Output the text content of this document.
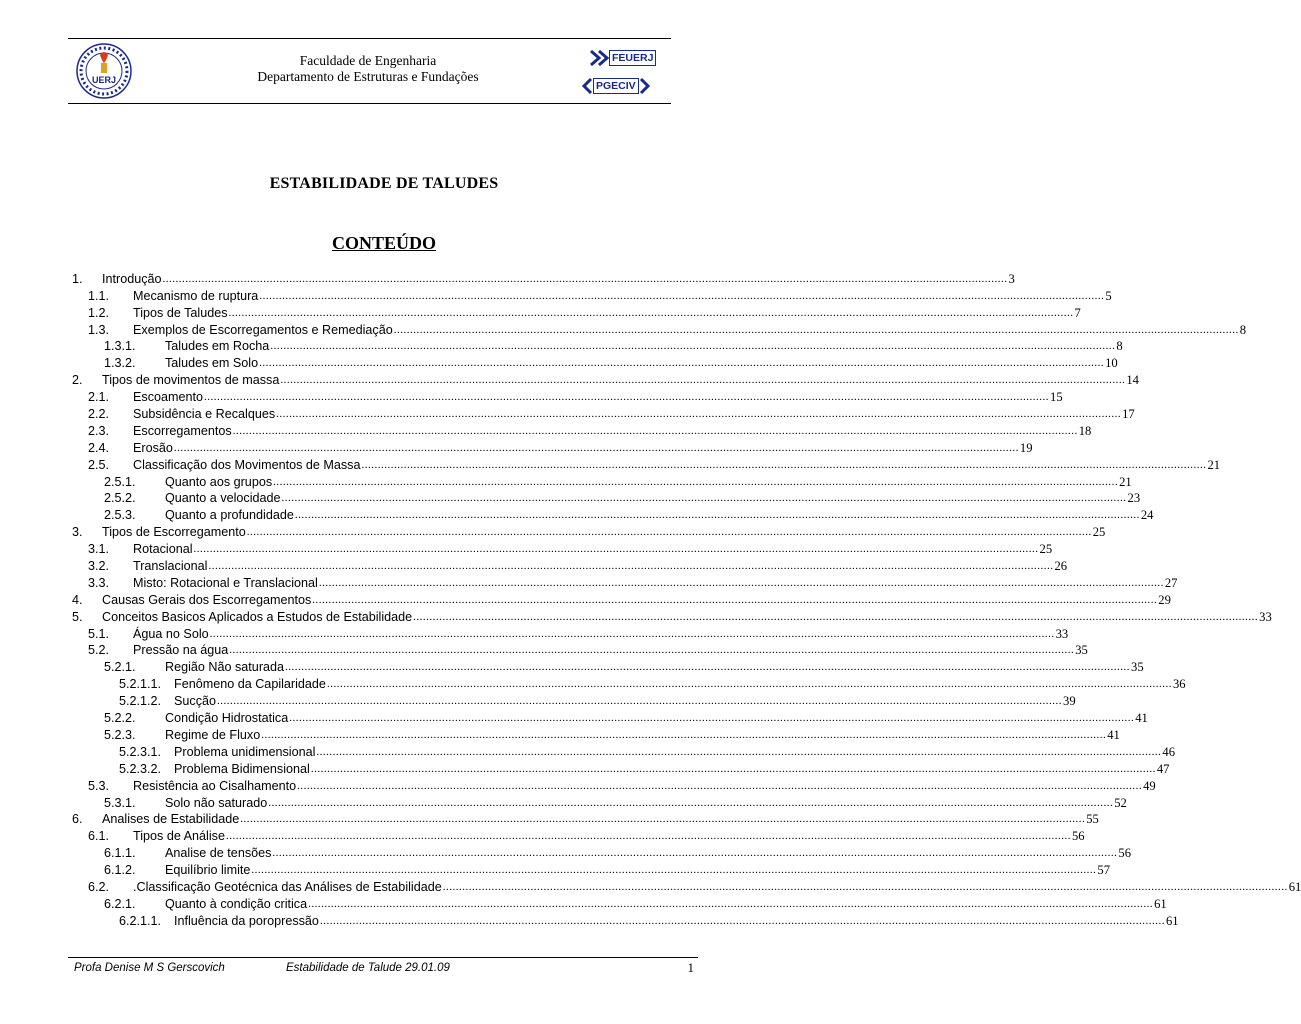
UERJ
Faculdade de Engenharia
Departamento de Estruturas e Fundações
FEUERJ
PGECIV
ESTABILIDADE DE TALUDES
CONTEÚDO
1.	Introdução .................................................................................................................................................................................................................................................................... 3
1.1.	Mecanismo de ruptura .................................................................................................................................................................................................................................................................... 5
1.2.	Tipos de Taludes .................................................................................................................................................................................................................................................................... 7
1.3.	Exemplos de Escorregamentos e Remediação .................................................................................................................................................................................................................................................................... 8
1.3.1.	Taludes em Rocha .................................................................................................................................................................................................................................................................... 8
1.3.2.	Taludes em Solo .................................................................................................................................................................................................................................................................... 10
2.	Tipos de movimentos de massa .................................................................................................................................................................................................................................................................... 14
2.1.	Escoamento .................................................................................................................................................................................................................................................................... 15
2.2.	Subsidência e Recalques .................................................................................................................................................................................................................................................................... 17
2.3.	Escorregamentos .................................................................................................................................................................................................................................................................... 18
2.4.	Erosão .................................................................................................................................................................................................................................................................... 19
2.5.	Classificação dos Movimentos de Massa .................................................................................................................................................................................................................................................................... 21
2.5.1.	Quanto aos grupos .................................................................................................................................................................................................................................................................... 21
2.5.2.	Quanto a velocidade .................................................................................................................................................................................................................................................................... 23
2.5.3.	Quanto a profundidade .................................................................................................................................................................................................................................................................... 24
3.	Tipos de Escorregamento .................................................................................................................................................................................................................................................................... 25
3.1.	Rotacional .................................................................................................................................................................................................................................................................... 25
3.2.	Translacional .................................................................................................................................................................................................................................................................... 26
3.3.	Misto: Rotacional e Translacional .................................................................................................................................................................................................................................................................... 27
4.	Causas Gerais dos Escorregamentos .................................................................................................................................................................................................................................................................... 29
5.	Conceitos Basicos Aplicados a Estudos de Estabilidade .................................................................................................................................................................................................................................................................... 33
5.1.	Água no Solo .................................................................................................................................................................................................................................................................... 33
5.2.	Pressão na água .................................................................................................................................................................................................................................................................... 35
5.2.1.	Região Não saturada .................................................................................................................................................................................................................................................................... 35
5.2.1.1.	Fenômeno da Capilaridade .................................................................................................................................................................................................................................................................... 36
5.2.1.2.	Sucção .................................................................................................................................................................................................................................................................... 39
5.2.2.	Condição Hidrostatica .................................................................................................................................................................................................................................................................... 41
5.2.3.	Regime de Fluxo .................................................................................................................................................................................................................................................................... 41
5.2.3.1.	Problema unidimensional .................................................................................................................................................................................................................................................................... 46
5.2.3.2.	Problema Bidimensional .................................................................................................................................................................................................................................................................... 47
5.3.	Resistência ao Cisalhamento .................................................................................................................................................................................................................................................................... 49
5.3.1.	Solo não saturado .................................................................................................................................................................................................................................................................... 52
6.	Analises de Estabilidade .................................................................................................................................................................................................................................................................... 55
6.1.	Tipos de Análise .................................................................................................................................................................................................................................................................... 56
6.1.1.	Analise de tensões .................................................................................................................................................................................................................................................................... 56
6.1.2.	Equilíbrio limite .................................................................................................................................................................................................................................................................... 57
6.2.	.Classificação Geotécnica das Análises de Estabilidade .................................................................................................................................................................................................................................................................... 61
6.2.1.	Quanto à condição critica .................................................................................................................................................................................................................................................................... 61
6.2.1.1.	Influência da poropressão .................................................................................................................................................................................................................................................................... 61
Profa Denise M S Gerscovich	Estabilidade de Talude 29.01.09	1
